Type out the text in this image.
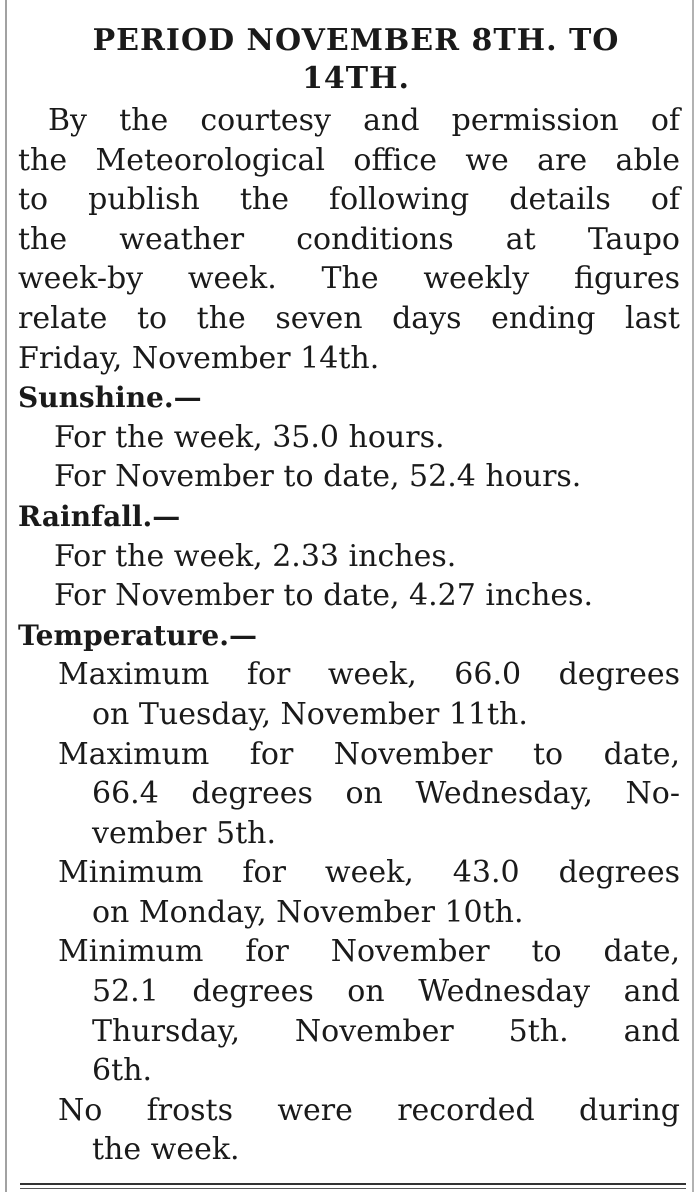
PERIOD NOVEMBER 8TH. TO
14TH.
By the courtesy and permission of
the Meteorological office we are able
to publish the following details of
the weather conditions at Taupo
week-by week. The weekly figures
relate to the seven days ending last
Friday, November 14th.
Sunshine.—
For the week, 35.0 hours.
For November to date, 52.4 hours.
Rainfall.—
For the week, 2.33 inches.
For November to date, 4.27 inches.
Temperature.—
Maximum for week, 66.0 degrees
on Tuesday, November 11th.
Maximum for November to date,
66.4 degrees on Wednesday, No-
vember 5th.
Minimum for week, 43.0 degrees
on Monday, November 10th.
Minimum for November to date,
52.1 degrees on Wednesday and
Thursday, November 5th. and
6th.
No frosts were recorded during
the week.
